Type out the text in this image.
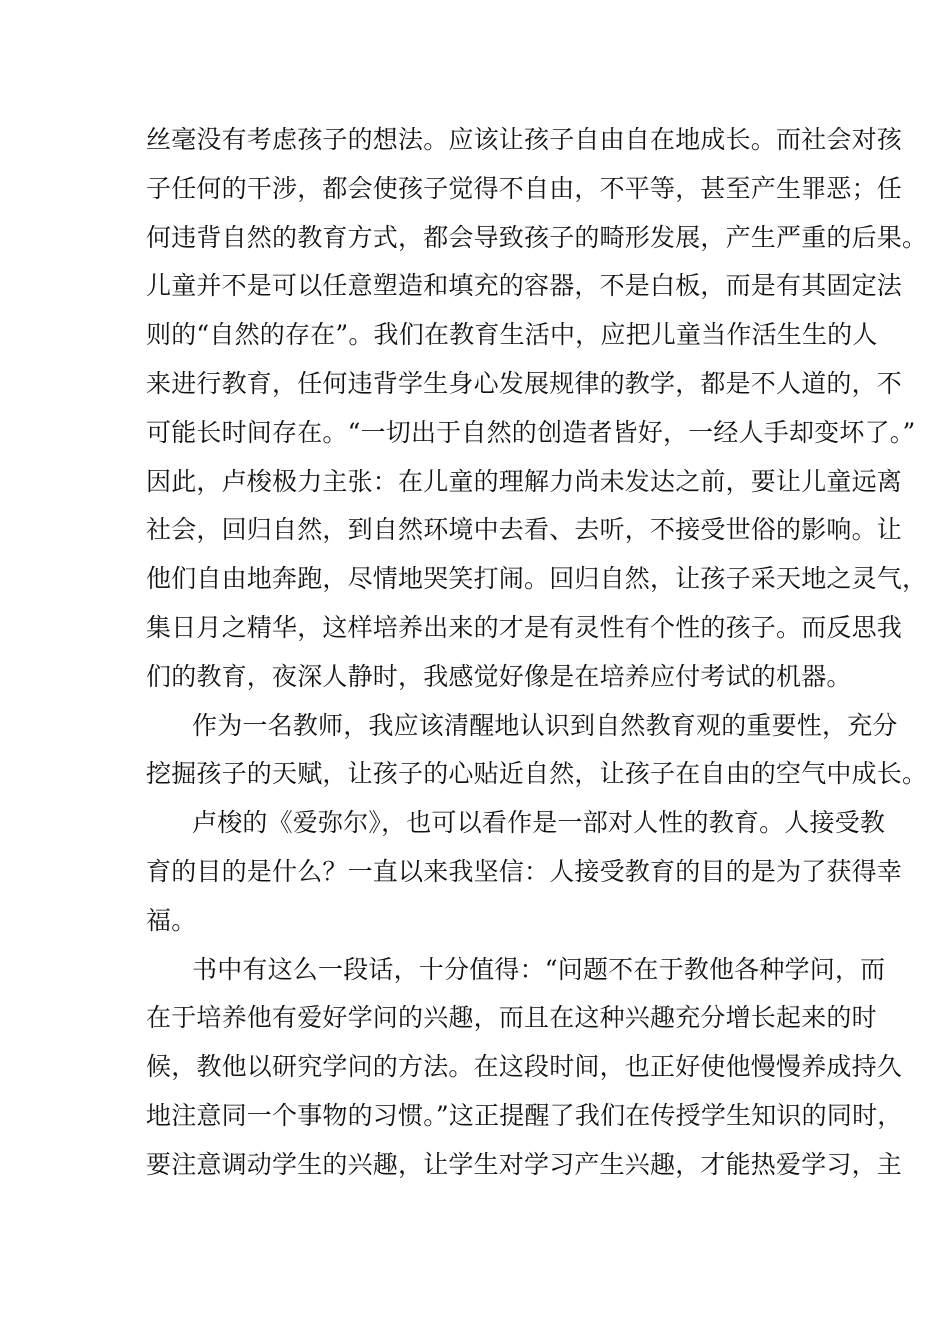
丝毫没有考虑孩子的想法。应该让孩子自由自在地成长。而社会对孩
子任何的干涉，都会使孩子觉得不自由，不平等，甚至产生罪恶；任
何违背自然的教育方式，都会导致孩子的畸形发展，产生严重的后果。
儿童并不是可以任意塑造和填充的容器，不是白板，而是有其固定法
则的“自然的存在”。我们在教育生活中，应把儿童当作活生生的人
来进行教育，任何违背学生身心发展规律的教学，都是不人道的，不
可能长时间存在。“一切出于自然的创造者皆好，一经人手却变坏了。”
因此，卢梭极力主张：在儿童的理解力尚未发达之前，要让儿童远离
社会，回归自然，到自然环境中去看、去听，不接受世俗的影响。让
他们自由地奔跑，尽情地哭笑打闹。回归自然，让孩子采天地之灵气，
集日月之精华，这样培养出来的才是有灵性有个性的孩子。而反思我
们的教育，夜深人静时，我感觉好像是在培养应付考试的机器。
作为一名教师，我应该清醒地认识到自然教育观的重要性，充分
挖掘孩子的天赋，让孩子的心贴近自然，让孩子在自由的空气中成长。
卢梭的《爱弥尔》，也可以看作是一部对人性的教育。人接受教
育的目的是什么？一直以来我坚信：人接受教育的目的是为了获得幸
福。
书中有这么一段话，十分值得：“问题不在于教他各种学问，而
在于培养他有爱好学问的兴趣，而且在这种兴趣充分增长起来的时
候，教他以研究学问的方法。在这段时间，也正好使他慢慢养成持久
地注意同一个事物的习惯。”这正提醒了我们在传授学生知识的同时，
要注意调动学生的兴趣，让学生对学习产生兴趣，才能热爱学习，主
